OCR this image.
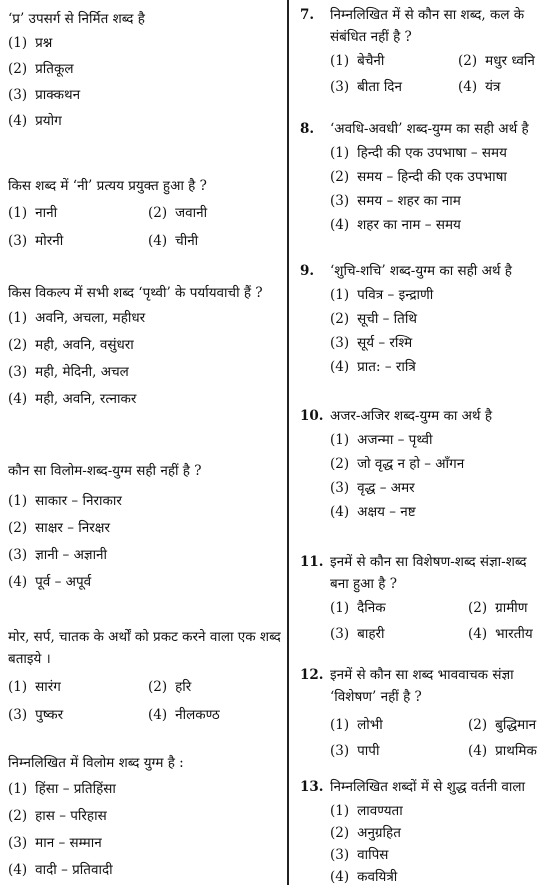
‘प्र’ उपसर्ग से निर्मित शब्द है
(1) प्रश्न
(2) प्रतिकूल
(3) प्राक्कथन
(4) प्रयोग
किस शब्द में ‘नी’ प्रत्यय प्रयुक्त हुआ है ?
(1) नानी	(2) जवानी
(3) मोरनी	(4) चीनी
किस विकल्प में सभी शब्द ‘पृथ्वी’ के पर्यायवाची हैं ?
(1) अवनि, अचला, महीधर
(2) मही, अवनि, वसुंधरा
(3) मही, मेदिनी, अचल
(4) मही, अवनि, रत्नाकर
कौन सा विलोम-शब्द-युग्म सही नहीं है ?
(1) साकार – निराकार
(2) साक्षर – निरक्षर
(3) ज्ञानी – अज्ञानी
(4) पूर्व – अपूर्व
मोर, सर्प, चातक के अर्थों को प्रकट करने वाला एक शब्द बताइये ।
(1) सारंग	(2) हरि
(3) पुष्कर	(4) नीलकण्ठ
निम्नलिखित में विलोम शब्द युग्म है :
(1) हिंसा – प्रतिहिंसा
(2) हास – परिहास
(3) मान – सम्मान
(4) वादी – प्रतिवादी
7. निम्नलिखित में से कौन सा शब्द, कल के
संबंधित नहीं है ?
(1) बेचैनी	(2) मधुर ध्वनि
(3) बीता दिन	(4) यंत्र
8. ‘अवधि-अवधी’ शब्द-युग्म का सही अर्थ है
(1) हिन्दी की एक उपभाषा – समय
(2) समय – हिन्दी की एक उपभाषा
(3) समय – शहर का नाम
(4) शहर का नाम – समय
9. ‘शुचि-शचि’ शब्द-युग्म का सही अर्थ है
(1) पवित्र – इन्द्राणी
(2) सूची – तिथि
(3) सूर्य – रश्मि
(4) प्रात: – रात्रि
10. अजर-अजिर शब्द-युग्म का अर्थ है
(1) अजन्मा – पृथ्वी
(2) जो वृद्ध न हो – आँगन
(3) वृद्ध – अमर
(4) अक्षय – नष्ट
11. इनमें से कौन सा विशेषण-शब्द संज्ञा-शब्द
बना हुआ है ?
(1) दैनिक	(2) ग्रामीण
(3) बाहरी	(4) भारतीय
12. इनमें से कौन सा शब्द भाववाचक संज्ञा
‘विशेषण’ नहीं है ?
(1) लोभी	(2) बुद्धिमान
(3) पापी	(4) प्राथमिक
13. निम्नलिखित शब्दों में से शुद्ध वर्तनी वाला
(1) लावण्यता
(2) अनुग्रहित
(3) वापिस
(4) कवयित्री
